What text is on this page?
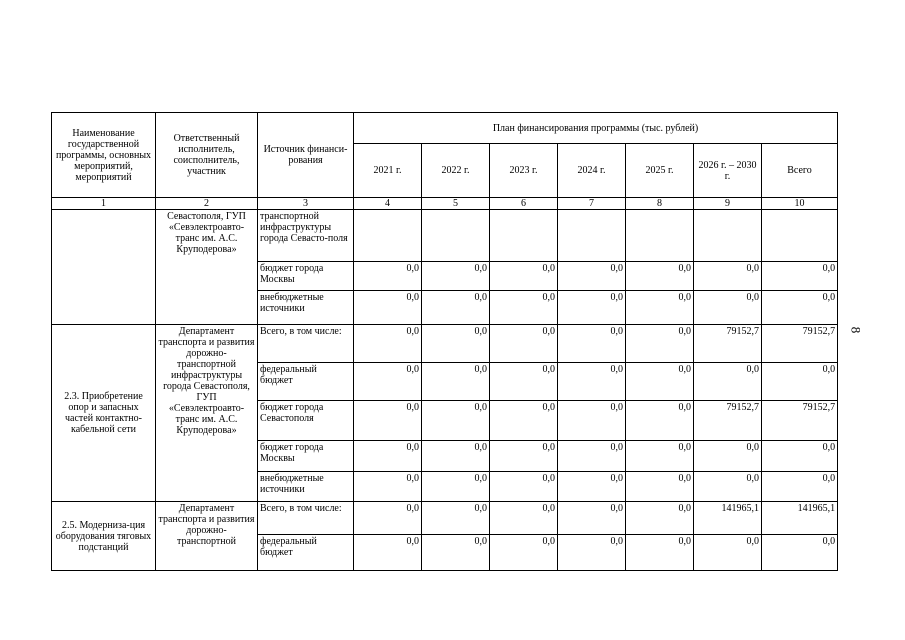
Наименование государственной программы, основных мероприятий, мероприятий	Ответственный исполнитель, соисполнитель, участник	Источник финанси-рования	План финансирования программы (тыс. рублей)						
			2021 г.	2022 г.	2023 г.	2024 г.	2025 г.	2026 г. – 2030 г.	Всего
1	2	3	4	5	6	7	8	9	10
	Севастополя, ГУП «Севэлектроавто-транс им. А.С. Круподерова»	транспортной инфраструктуры города Севасто-поля							
		бюджет города Москвы	0,0	0,0	0,0	0,0	0,0	0,0	0,0
		внебюджетные источники	0,0	0,0	0,0	0,0	0,0	0,0	0,0
2.3. Приобретение опор и запасных частей контактно-кабельной сети	Департамент транспорта и развития дорожно-транспортной инфраструктуры города Севастополя, ГУП «Севэлектроавто-транс им. А.С. Круподерова»	Всего, в том числе:	0,0	0,0	0,0	0,0	0,0	79152,7	79152,7
		федеральный бюджет	0,0	0,0	0,0	0,0	0,0	0,0	0,0
		бюджет города Севастополя	0,0	0,0	0,0	0,0	0,0	79152,7	79152,7
		бюджет города Москвы	0,0	0,0	0,0	0,0	0,0	0,0	0,0
		внебюджетные источники	0,0	0,0	0,0	0,0	0,0	0,0	0,0
2.5. Модерниза-ция оборудования тяговых подстанций	Департамент транспорта и развития дорожно-транспортной	Всего, в том числе:	0,0	0,0	0,0	0,0	0,0	141965,1	141965,1
		федеральный бюджет	0,0	0,0	0,0	0,0	0,0	0,0	0,0
8
